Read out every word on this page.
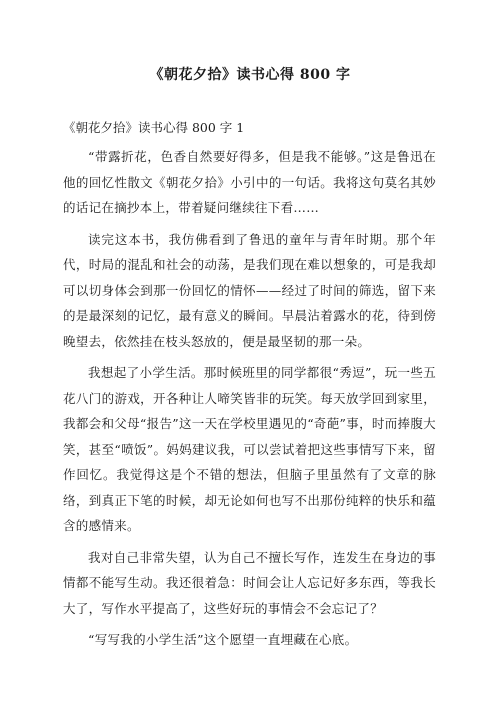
《朝花夕拾》读书心得 800 字

《朝花夕拾》读书心得 800 字 1

“带露折花，色香自然要好得多，但是我不能够。”这是鲁迅在他的回忆性散文《朝花夕拾》小引中的一句话。我将这句莫名其妙的话记在摘抄本上，带着疑问继续往下看……

读完这本书，我仿佛看到了鲁迅的童年与青年时期。那个年代，时局的混乱和社会的动荡，是我们现在难以想象的，可是我却可以切身体会到那一份回忆的情怀——经过了时间的筛选，留下来的是最深刻的记忆，最有意义的瞬间。早晨沾着露水的花，待到傍晚望去，依然挂在枝头怒放的，便是最坚韧的那一朵。

我想起了小学生活。那时候班里的同学都很“秀逗”，玩一些五花八门的游戏，开各种让人啼笑皆非的玩笑。每天放学回到家里，我都会和父母“报告”这一天在学校里遇见的“奇葩”事，时而捧腹大笑，甚至“喷饭”。妈妈建议我，可以尝试着把这些事情写下来，留作回忆。我觉得这是个不错的想法，但脑子里虽然有了文章的脉络，到真正下笔的时候，却无论如何也写不出那份纯粹的快乐和蕴含的感情来。

我对自己非常失望，认为自己不擅长写作，连发生在身边的事情都不能写生动。我还很着急：时间会让人忘记好多东西，等我长大了，写作水平提高了，这些好玩的事情会不会忘记了？

“写写我的小学生活”这个愿望一直埋藏在心底。
